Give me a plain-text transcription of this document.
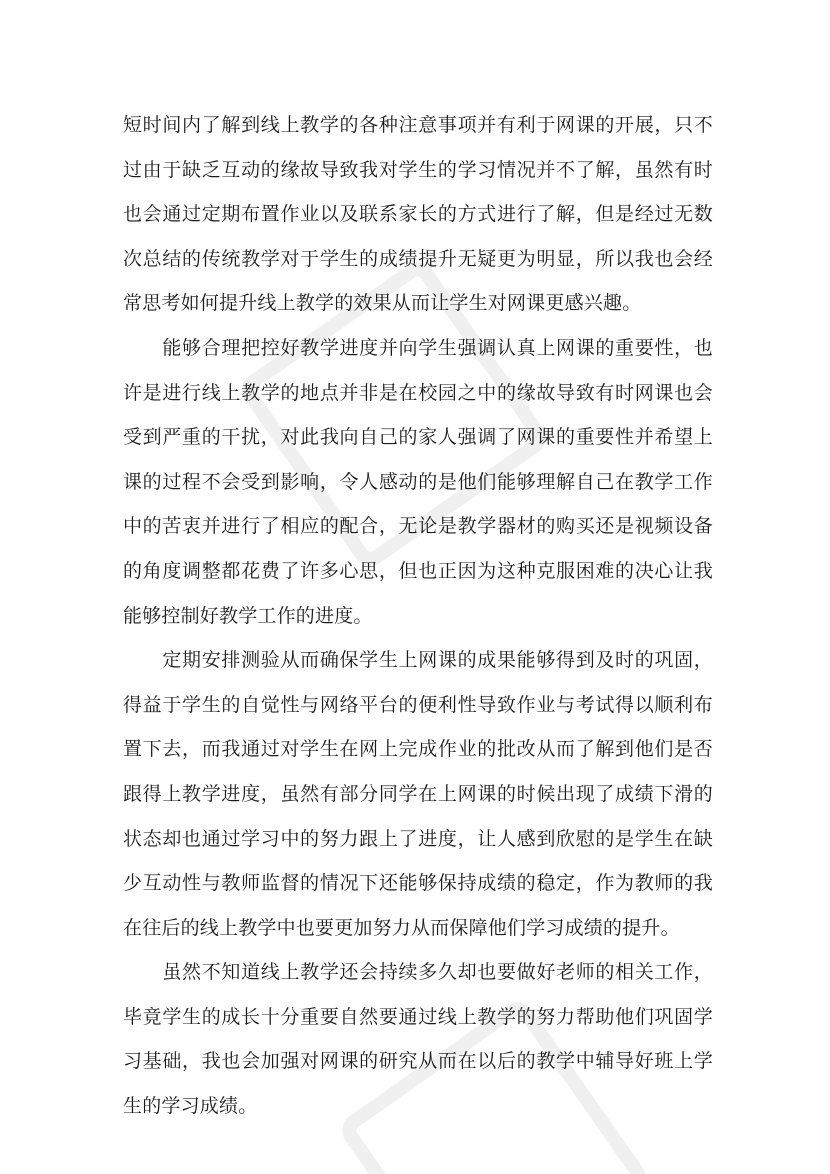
短时间内了解到线上教学的各种注意事项并有利于网课的开展，只不过由于缺乏互动的缘故导致我对学生的学习情况并不了解，虽然有时也会通过定期布置作业以及联系家长的方式进行了解，但是经过无数次总结的传统教学对于学生的成绩提升无疑更为明显，所以我也会经常思考如何提升线上教学的效果从而让学生对网课更感兴趣。

　　能够合理把控好教学进度并向学生强调认真上网课的重要性，也许是进行线上教学的地点并非是在校园之中的缘故导致有时网课也会受到严重的干扰，对此我向自己的家人强调了网课的重要性并希望上课的过程不会受到影响，令人感动的是他们能够理解自己在教学工作中的苦衷并进行了相应的配合，无论是教学器材的购买还是视频设备的角度调整都花费了许多心思，但也正因为这种克服困难的决心让我能够控制好教学工作的进度。

　　定期安排测验从而确保学生上网课的成果能够得到及时的巩固，得益于学生的自觉性与网络平台的便利性导致作业与考试得以顺利布置下去，而我通过对学生在网上完成作业的批改从而了解到他们是否跟得上教学进度，虽然有部分同学在上网课的时候出现了成绩下滑的状态却也通过学习中的努力跟上了进度，让人感到欣慰的是学生在缺少互动性与教师监督的情况下还能够保持成绩的稳定，作为教师的我在往后的线上教学中也要更加努力从而保障他们学习成绩的提升。

　　虽然不知道线上教学还会持续多久却也要做好老师的相关工作，毕竟学生的成长十分重要自然要通过线上教学的努力帮助他们巩固学习基础，我也会加强对网课的研究从而在以后的教学中辅导好班上学生的学习成绩。
